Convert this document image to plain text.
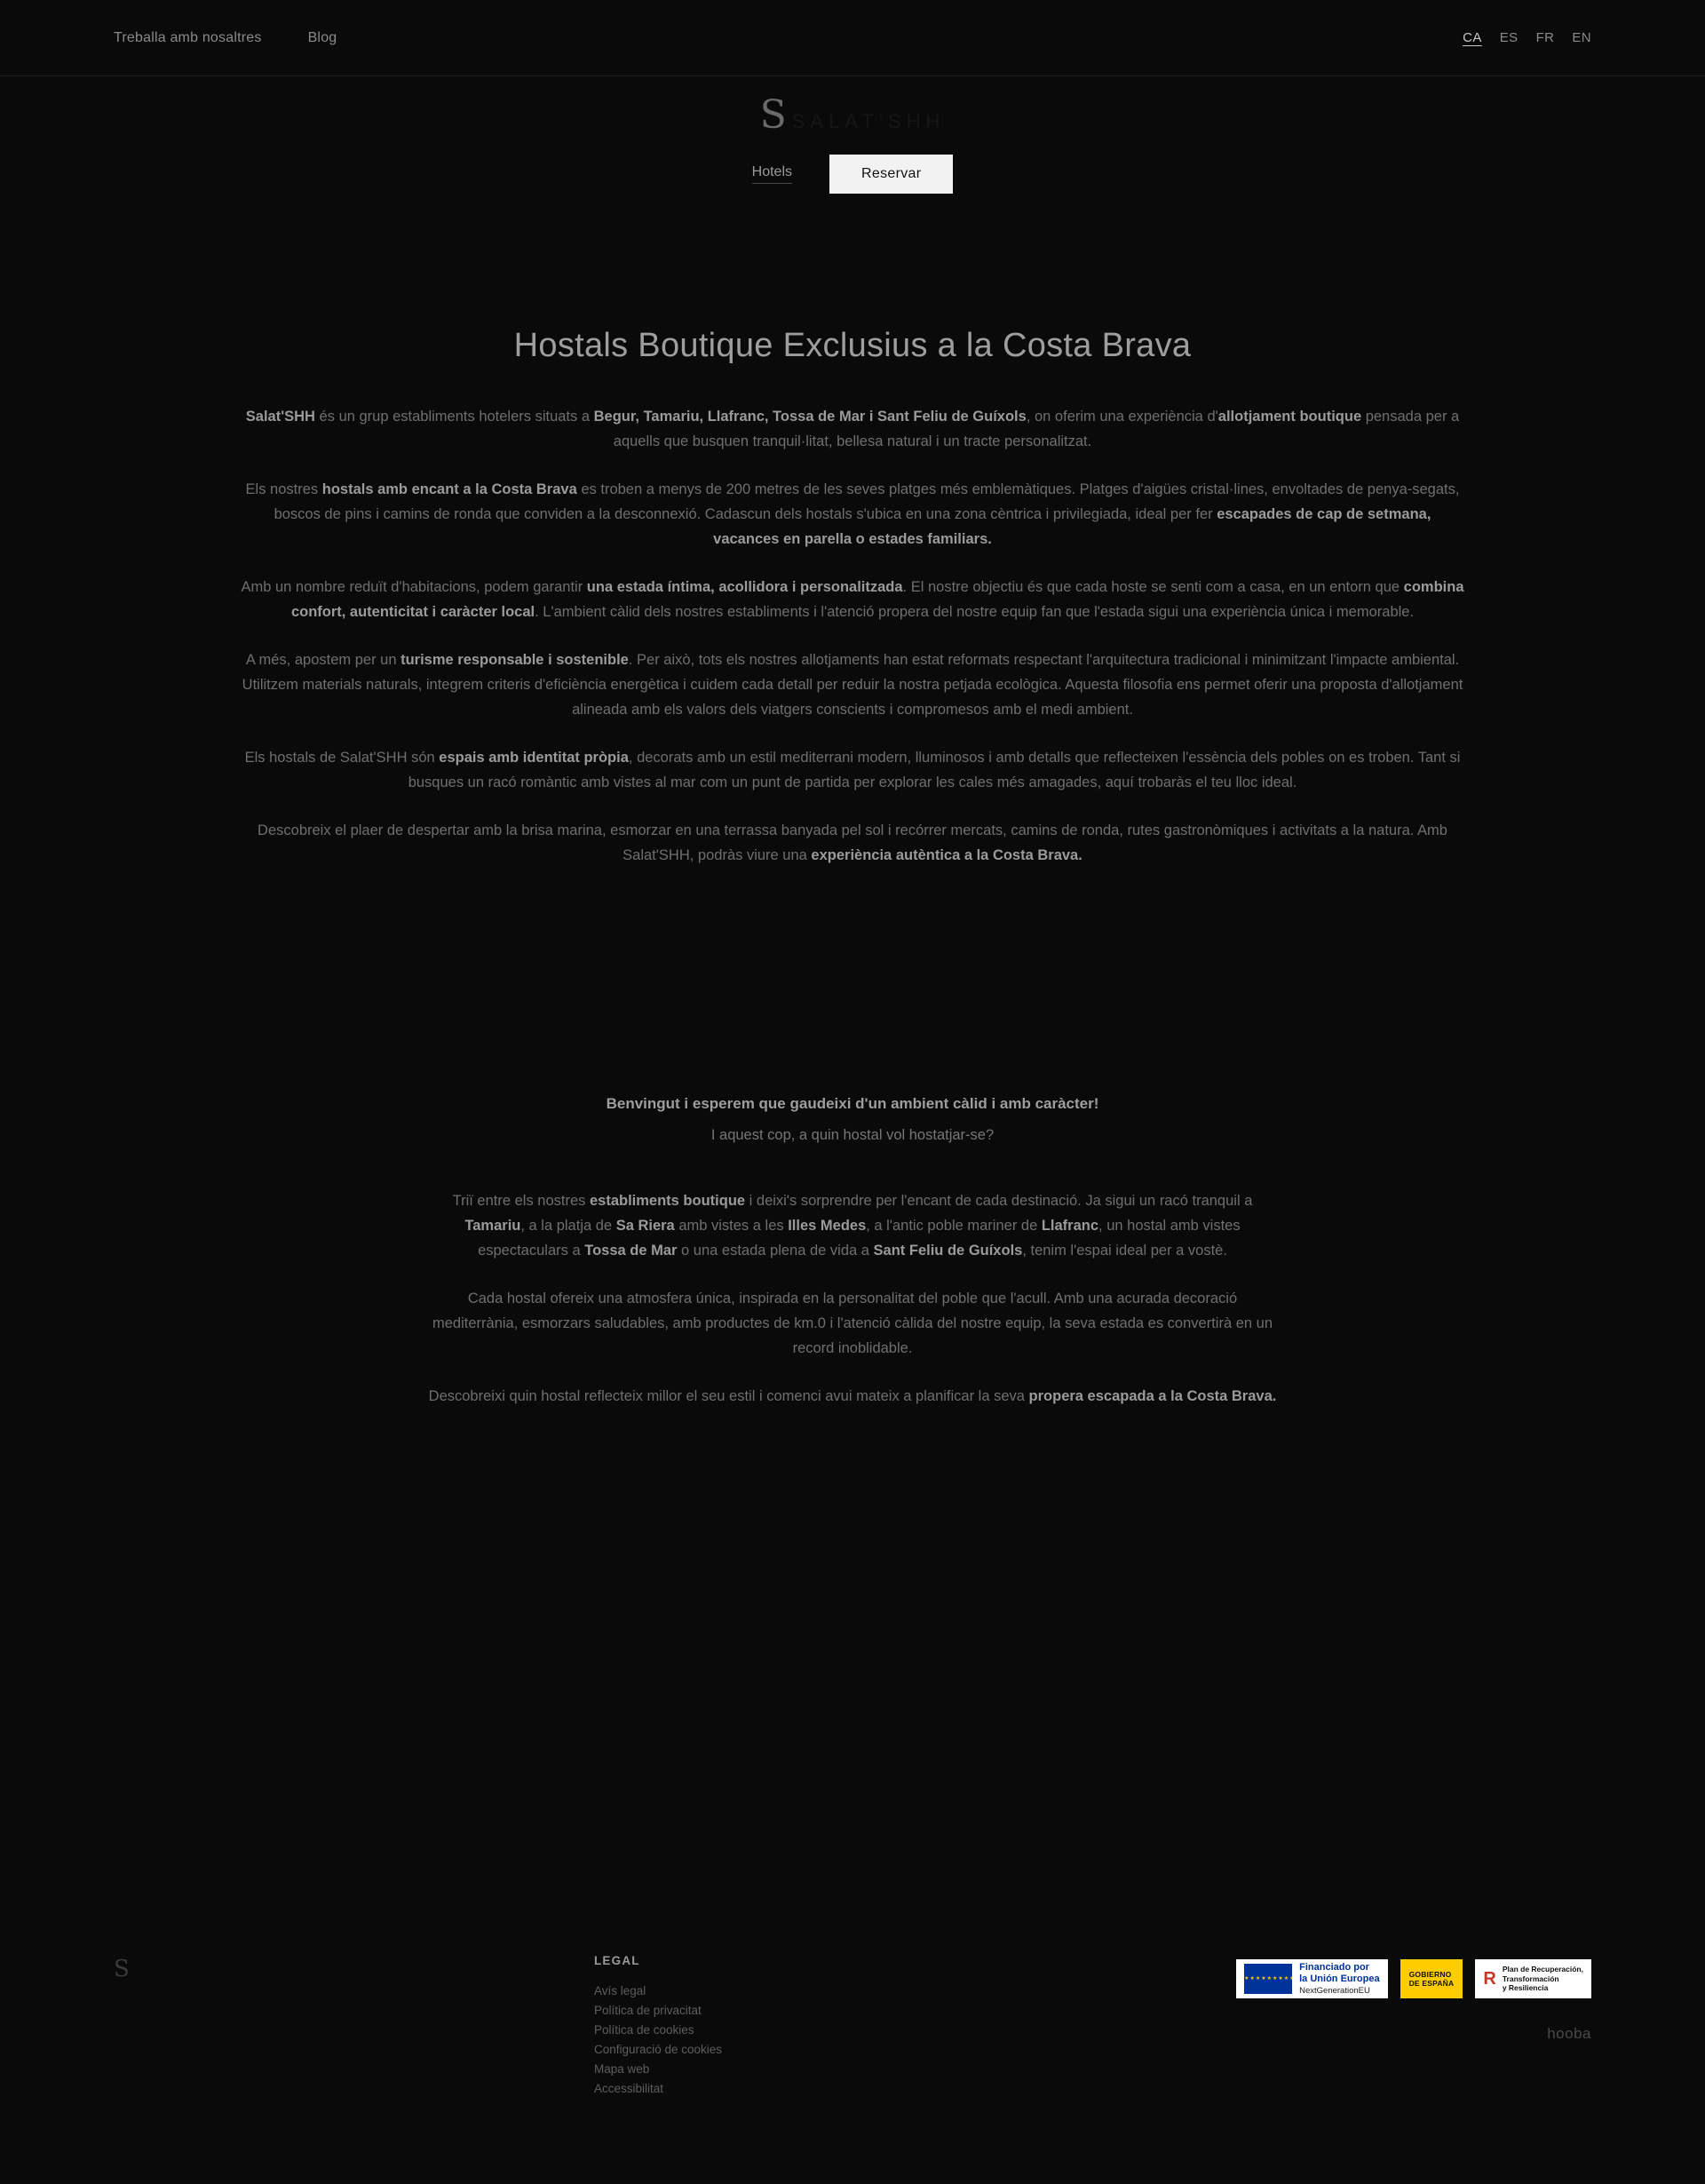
Treballa amb nosaltres	Blog	CA ES FR EN
S SALAT'SHH
Hotels	Reservar
Hostals Boutique Exclusius a la Costa Brava

Salat'SHH és un grup establiments hotelers situats a Begur, Tamariu, Llafranc, Tossa de Mar i Sant Feliu de Guíxols, on oferim una experiència d'allotjament boutique pensada per a aquells que busquen tranquil·litat, bellesa natural i un tracte personalitzat.

Els nostres hostals amb encant a la Costa Brava es troben a menys de 200 metres de les seves platges més emblemàtiques. Platges d'aigües cristal·lines, envoltades de penya-segats, boscos de pins i camins de ronda que conviden a la desconnexió. Cadascun dels hostals s'ubica en una zona cèntrica i privilegiada, ideal per fer escapades de cap de setmana, vacances en parella o estades familiars.

Amb un nombre reduït d'habitacions, podem garantir una estada íntima, acollidora i personalitzada. El nostre objectiu és que cada hoste se senti com a casa, en un entorn que combina confort, autenticitat i caràcter local. L'ambient càlid dels nostres establiments i l'atenció propera del nostre equip fan que l'estada sigui una experiència única i memorable.

A més, apostem per un turisme responsable i sostenible. Per això, tots els nostres allotjaments han estat reformats respectant l'arquitectura tradicional i minimitzant l'impacte ambiental. Utilitzem materials naturals, integrem criteris d'eficiència energètica i cuidem cada detall per reduir la nostra petjada ecològica. Aquesta filosofia ens permet oferir una proposta d'allotjament alineada amb els valors dels viatgers conscients i compromesos amb el medi ambient.

Els hostals de Salat'SHH són espais amb identitat pròpia, decorats amb un estil mediterrani modern, lluminosos i amb detalls que reflecteixen l'essència dels pobles on es troben. Tant si busques un racó romàntic amb vistes al mar com un punt de partida per explorar les cales més amagades, aquí trobaràs el teu lloc ideal.

Descobreix el plaer de despertar amb la brisa marina, esmorzar en una terrassa banyada pel sol i recórrer mercats, camins de ronda, rutes gastronòmiques i activitats a la natura. Amb Salat'SHH, podràs viure una experiència autèntica a la Costa Brava.

Benvingut i esperem que gaudeixi d'un ambient càlid i amb caràcter!
I aquest cop, a quin hostal vol hostatjar-se?

Triï entre els nostres establiments boutique i deixi's sorprendre per l'encant de cada destinació. Ja sigui un racó tranquil a Tamariu, a la platja de Sa Riera amb vistes a les Illes Medes, a l'antic poble mariner de Llafranc, un hostal amb vistes espectaculars a Tossa de Mar o una estada plena de vida a Sant Feliu de Guíxols, tenim l'espai ideal per a vostè.

Cada hostal ofereix una atmosfera única, inspirada en la personalitat del poble que l'acull. Amb una acurada decoració mediterrània, esmorzars saludables, amb productes de km.0 i l'atenció càlida del nostre equip, la seva estada es convertirà en un record inoblidable.

Descobreixi quin hostal reflecteix millor el seu estil i comenci avui mateix a planificar la seva propera escapada a la Costa Brava.

S	LEGAL
Avís legal
Política de privacitat
Política de cookies
Configuració de cookies
Mapa web
Accessibilitat
★★★★★★★★★★★★
Financiado por
la Unión Europea
NextGenerationEU
GOBIERNO
DE ESPAÑA R Plan de Recuperación,
Transformación
y Resiliencia
hooba
